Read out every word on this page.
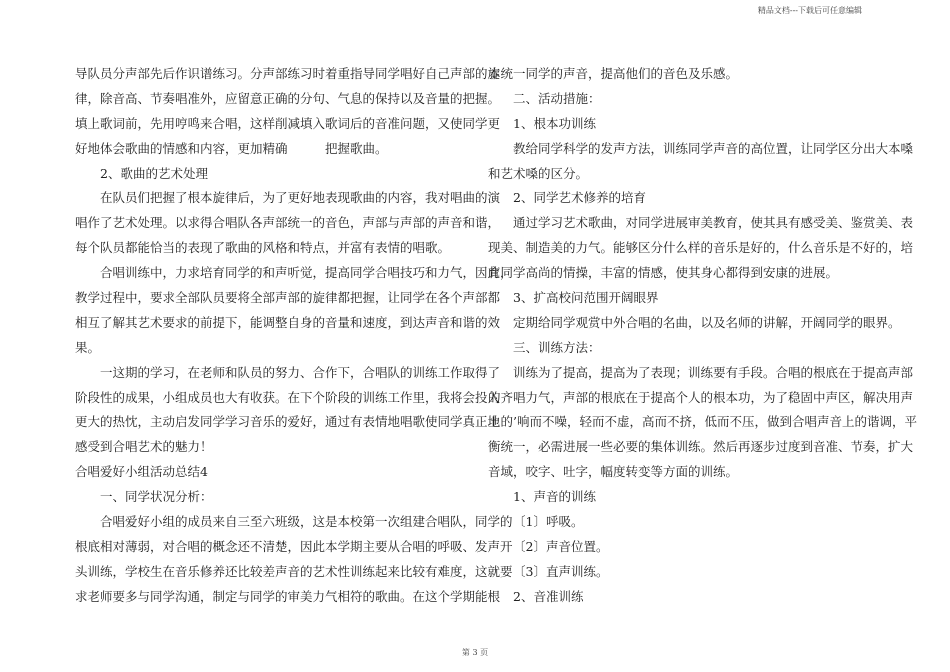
精品文档---下载后可任意编辑
导队员分声部先后作识谱练习。分声部练习时着重指导同学唱好自己声部的旋
律，除音高、节奏唱准外，应留意正确的分句、气息的保持以及音量的把握。
填上歌词前，先用哼鸣来合唱，这样削减填入歌词后的音准问题，又使同学更
好地体会歌曲的情感和内容，更加精确　　　把握歌曲。
2、歌曲的艺术处理
在队员们把握了根本旋律后，为了更好地表现歌曲的内容，我对唱曲的演
唱作了艺术处理。以求得合唱队各声部统一的音色，声部与声部的声音和谐，
每个队员都能恰当的表现了歌曲的风格和特点，并富有表情的唱歌。
合唱训练中，力求培育同学的和声听觉，提高同学合唱技巧和力气，因此，
教学过程中，要求全部队员要将全部声部的旋律都把握，让同学在各个声部都
相互了解其艺术要求的前提下，能调整自身的音量和速度，到达声音和谐的效
果。
一这期的学习，在老师和队员的努力、合作下，合唱队的训练工作取得了
阶段性的成果，小组成员也大有收获。在下个阶段的训练工作里，我将会投入
更大的热忱，主动启发同学学习音乐的爱好，通过有表情地唱歌使同学真正地
感受到合唱艺术的魅力！
合唱爱好小组活动总结4
一、同学状况分析：
合唱爱好小组的成员来自三至六班级，这是本校第一次组建合唱队，同学的
根底相对薄弱，对合唱的概念还不清楚，因此本学期主要从合唱的呼吸、发声开
头训练，学校生在音乐修养还比较差声音的艺术性训练起来比较有难度，这就要
求老师要多与同学沟通，制定与同学的审美力气相符的歌曲。在这个学期能根
本统一同学的声音，提高他们的音色及乐感。
二、活动措施：
1、根本功训练
教给同学科学的发声方法，训练同学声音的高位置，让同学区分出大本嗓
和艺术嗓的区分。
2、同学艺术修养的培育
通过学习艺术歌曲，对同学进展审美教育，使其具有感受美、鉴赏美、表
现美、制造美的力气。能够区分什么样的音乐是好的，什么音乐是不好的，培
育同学高尚的情操，丰富的情感，使其身心都得到安康的进展。
3、扩高校问范围开阔眼界
定期给同学观赏中外合唱的名曲，以及名师的讲解，开阔同学的眼界。
三、训练方法：
训练为了提高，提高为了表现；训练要有手段。合唱的根底在于提高声部
的齐唱力气，声部的根底在于提高个人的根本功，为了稳固中声区，解决用声
上的’响而不噪，轻而不虚，高而不挤，低而不压，做到合唱声音上的谐调，平
衡统一，必需进展一些必要的集体训练。然后再逐步过度到音准、节奏，扩大
音域，咬字、吐字，幅度转变等方面的训练。
1、声音的训练
〔1〕呼吸。
〔2〕声音位置。
〔3〕直声训练。
2、音准训练
第 3 页
